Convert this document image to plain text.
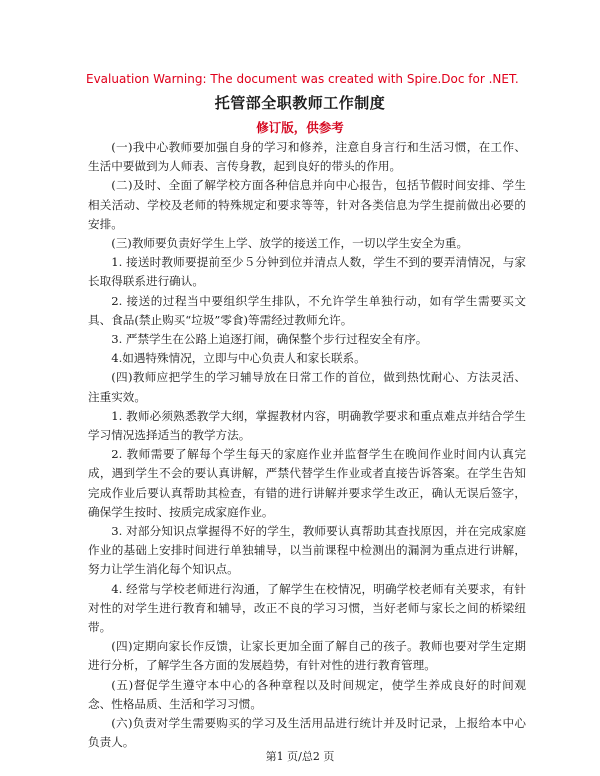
Evaluation Warning: The document was created with Spire.Doc for .NET.
托管部全职教师工作制度
修订版，供参考

(一)我中心教师要加强自身的学习和修养，注意自身言行和生活习惯，在工作、生活中要做到为人师表、言传身教，起到良好的带头的作用。

(二)及时、全面了解学校方面各种信息并向中心报告，包括节假时间安排、学生相关活动、学校及老师的特殊规定和要求等等，针对各类信息为学生提前做出必要的安排。

(三)教师要负责好学生上学、放学的接送工作，一切以学生安全为重。

1. 接送时教师要提前至少５分钟到位并清点人数，学生不到的要弄清情况，与家长取得联系进行确认。

2. 接送的过程当中要组织学生排队，不允许学生单独行动，如有学生需要买文具、食品(禁止购买“垃圾”零食)等需经过教师允许。

3. 严禁学生在公路上追逐打闹，确保整个步行过程安全有序。

4.如遇特殊情况，立即与中心负责人和家长联系。

(四)教师应把学生的学习辅导放在日常工作的首位，做到热忱耐心、方法灵活、注重实效。

1. 教师必须熟悉教学大纲，掌握教材内容，明确教学要求和重点难点并结合学生学习情况选择适当的教学方法。

2. 教师需要了解每个学生每天的家庭作业并监督学生在晚间作业时间内认真完成，遇到学生不会的要认真讲解，严禁代替学生作业或者直接告诉答案。在学生告知完成作业后要认真帮助其检查，有错的进行讲解并要求学生改正，确认无误后签字，确保学生按时、按质完成家庭作业。

3. 对部分知识点掌握得不好的学生，教师要认真帮助其查找原因，并在完成家庭作业的基础上安排时间进行单独辅导，以当前课程中检测出的漏洞为重点进行讲解，努力让学生消化每个知识点。

4. 经常与学校老师进行沟通，了解学生在校情况，明确学校老师有关要求，有针对性的对学生进行教育和辅导，改正不良的学习习惯，当好老师与家长之间的桥梁纽带。

(四)定期向家长作反馈，让家长更加全面了解自己的孩子。教师也要对学生定期进行分析，了解学生各方面的发展趋势，有针对性的进行教育管理。

(五)督促学生遵守本中心的各种章程以及时间规定，使学生养成良好的时间观念、性格品质、生活和学习习惯。

(六)负责对学生需要购买的学习及生活用品进行统计并及时记录，上报给本中心负责人。

第1 页/总2 页
